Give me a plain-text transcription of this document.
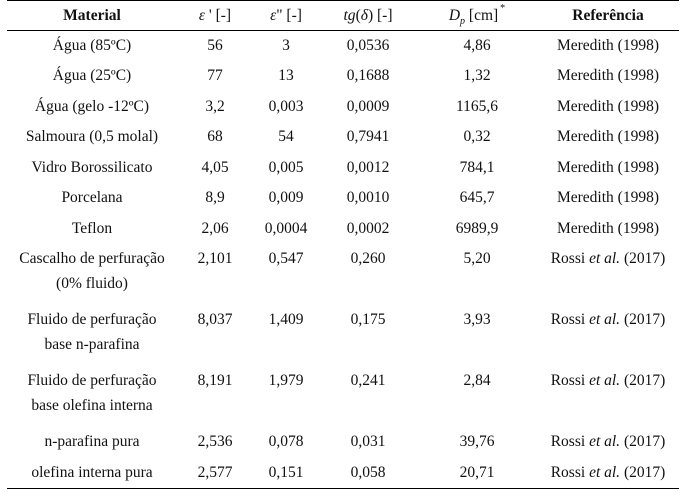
Material	ε ' [-]	ε" [-]	tg(δ) [-]	$D_p$ [cm] *	Referência
Água (85ºC)	56	3	0,0536	4,86	Meredith (1998)
Água (25ºC)	77	13	0,1688	1,32	Meredith (1998)
Água (gelo -12ºC)	3,2	0,003	0,0009	1165,6	Meredith (1998)
Salmoura (0,5 molal)	68	54	0,7941	0,32	Meredith (1998)
Vidro Borossilicato	4,05	0,005	0,0012	784,1	Meredith (1998)
Porcelana	8,9	0,009	0,0010	645,7	Meredith (1998)
Teflon	2,06	0,0004	0,0002	6989,9	Meredith (1998)
Cascalho de perfuração	2,101	0,547	0,260	5,20	Rossi et al. (2017)
(0% fluido)					
Fluido de perfuração	8,037	1,409	0,175	3,93	Rossi et al. (2017)
base n-parafina					
Fluido de perfuração	8,191	1,979	0,241	2,84	Rossi et al. (2017)
base olefina interna					
n-parafina pura	2,536	0,078	0,031	39,76	Rossi et al. (2017)
olefina interna pura	2,577	0,151	0,058	20,71	Rossi et al. (2017)
